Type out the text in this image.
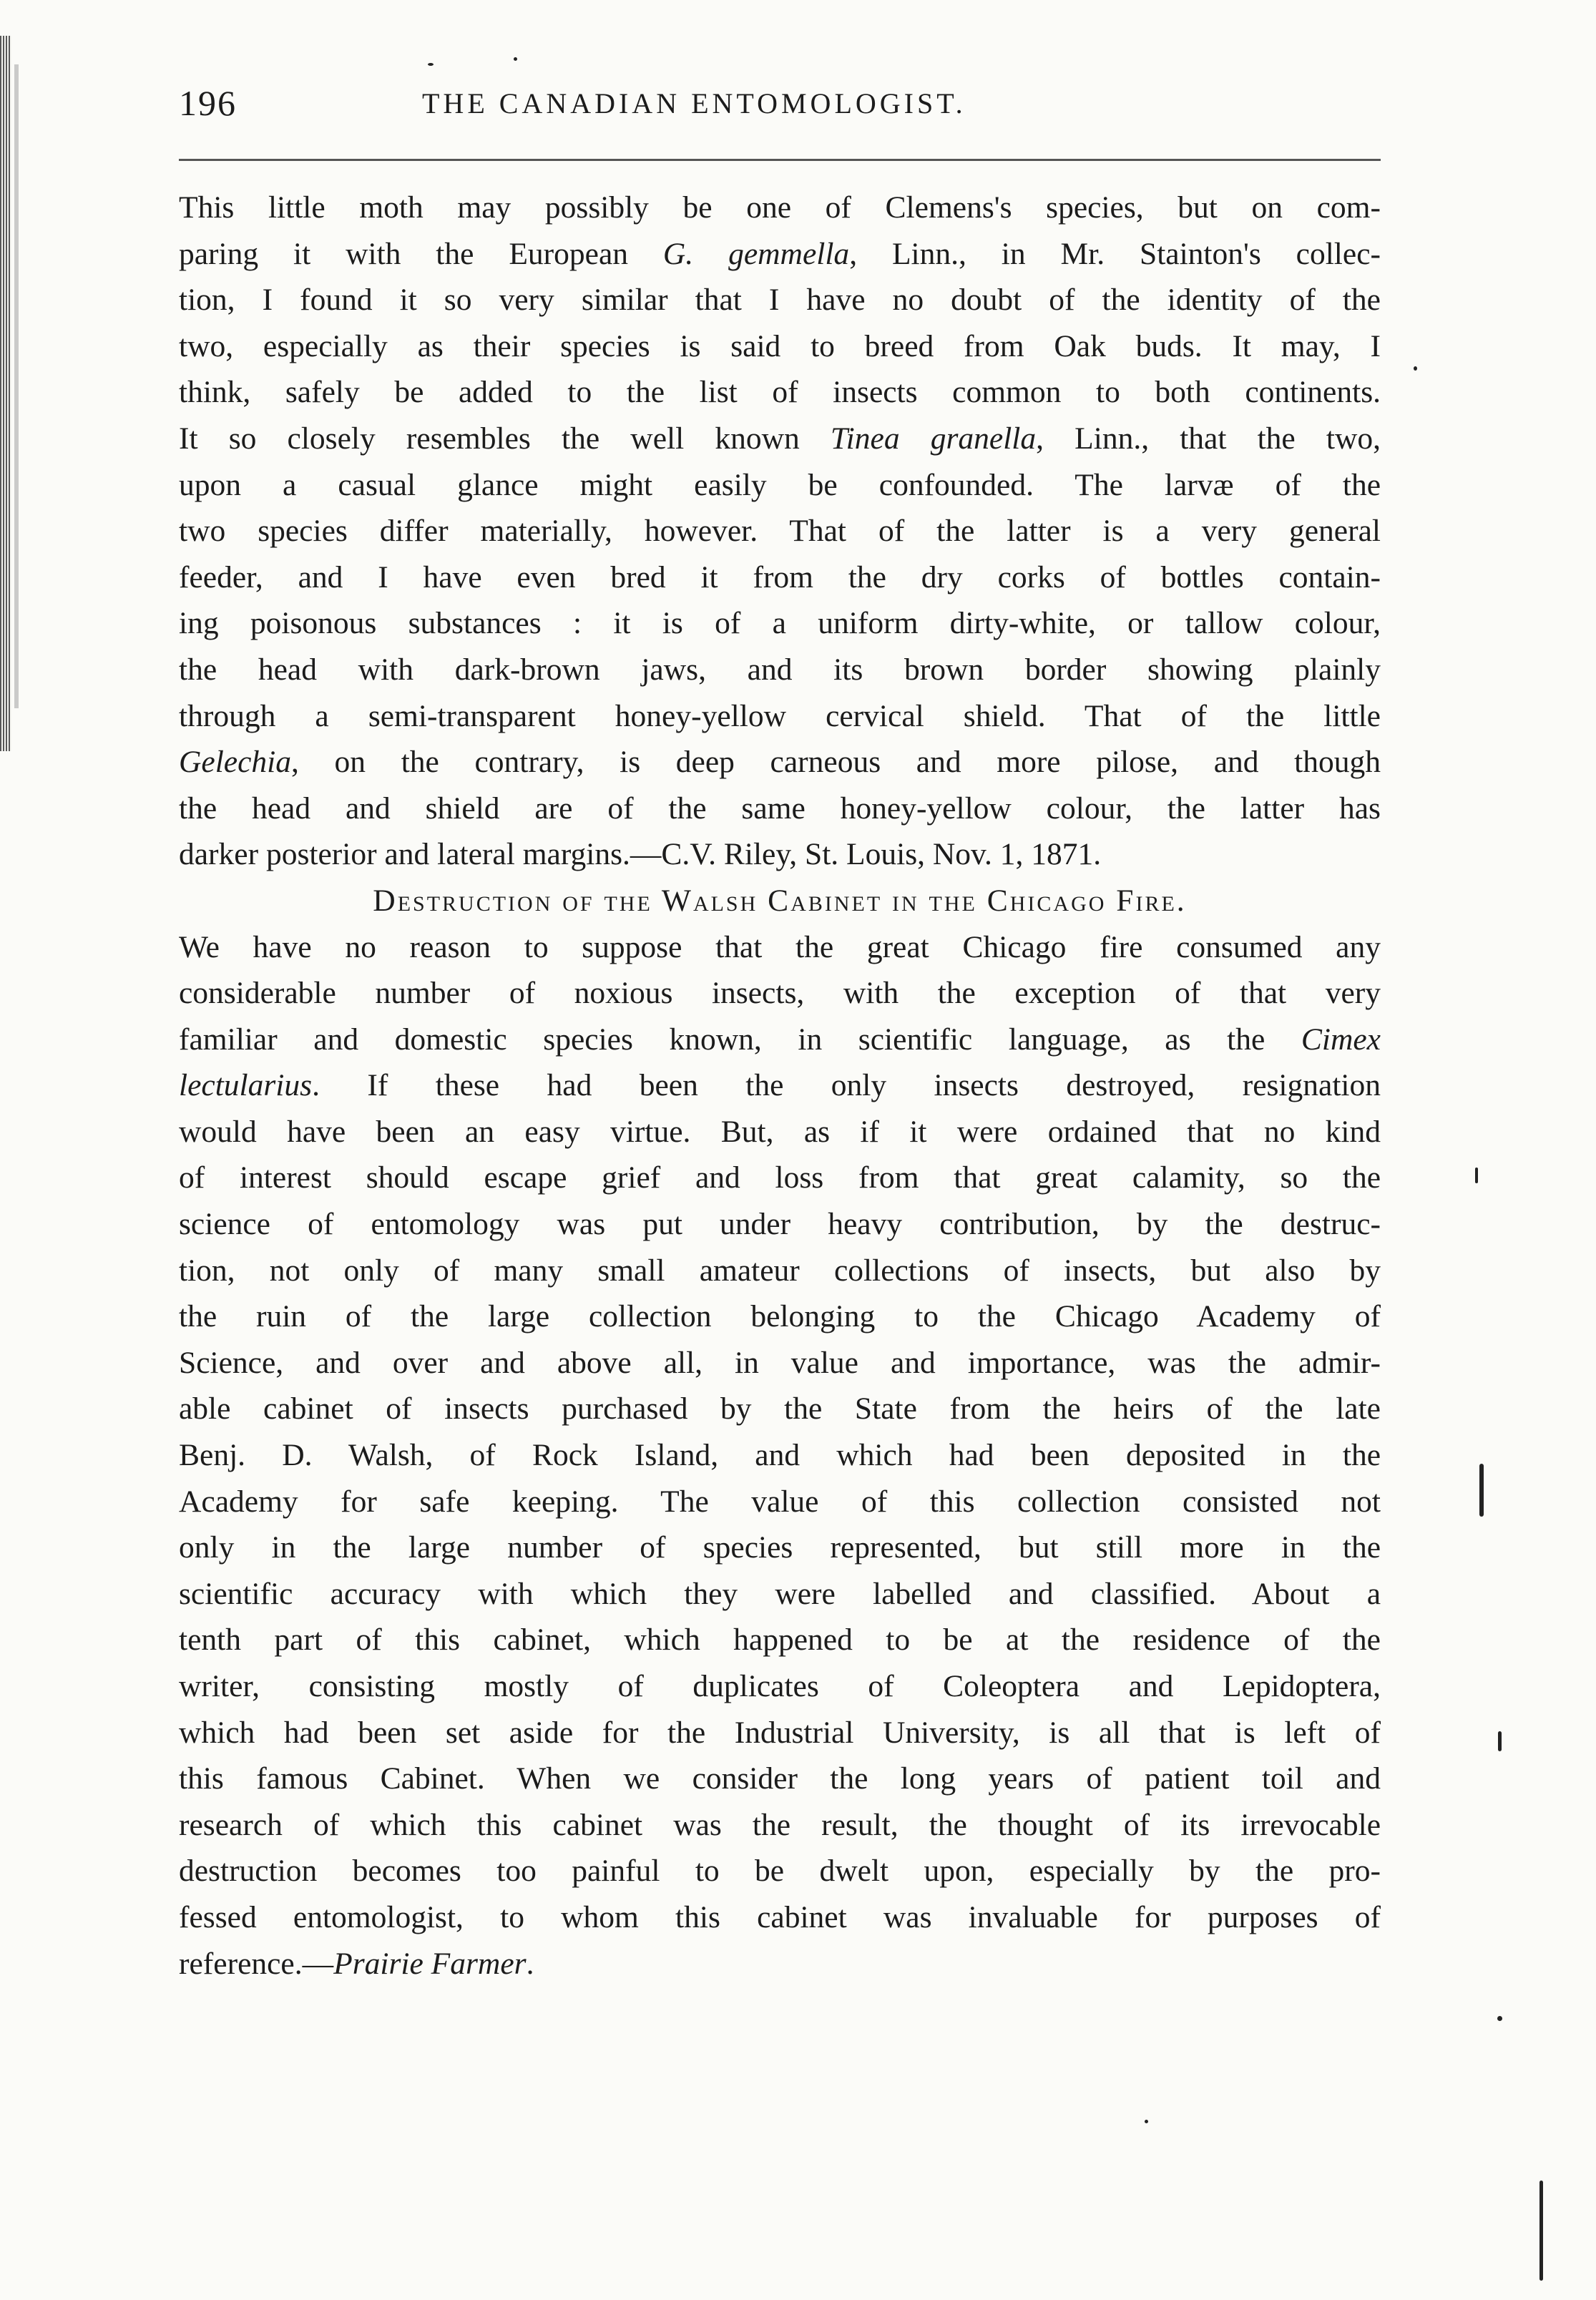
196	THE CANADIAN ENTOMOLOGIST.
This little moth may possibly be one of Clemens's species, but on com-
paring it with the European G. gemmella, Linn., in Mr. Stainton's collec-
tion, I found it so very similar that I have no doubt of the identity of the
two, especially as their species is said to breed from Oak buds. It may, I
think, safely be added to the list of insects common to both continents.
It so closely resembles the well known Tinea granella, Linn., that the two,
upon a casual glance might easily be confounded. The larvæ of the
two species differ materially, however. That of the latter is a very general
feeder, and I have even bred it from the dry corks of bottles contain-
ing poisonous substances : it is of a uniform dirty-white, or tallow colour,
the head with dark-brown jaws, and its brown border showing plainly
through a semi-transparent honey-yellow cervical shield. That of the little
Gelechia, on the contrary, is deep carneous and more pilose, and though
the head and shield are of the same honey-yellow colour, the latter has
darker posterior and lateral margins.—C.V. Riley, St. Louis, Nov. 1, 1871.
Destruction of the Walsh Cabinet in the Chicago Fire.
We have no reason to suppose that the great Chicago fire consumed any
considerable number of noxious insects, with the exception of that very
familiar and domestic species known, in scientific language, as the Cimex
lectularius. If these had been the only insects destroyed, resignation
would have been an easy virtue. But, as if it were ordained that no kind
of interest should escape grief and loss from that great calamity, so the
science of entomology was put under heavy contribution, by the destruc-
tion, not only of many small amateur collections of insects, but also by
the ruin of the large collection belonging to the Chicago Academy of
Science, and over and above all, in value and importance, was the admir-
able cabinet of insects purchased by the State from the heirs of the late
Benj. D. Walsh, of Rock Island, and which had been deposited in the
Academy for safe keeping. The value of this collection consisted not
only in the large number of species represented, but still more in the
scientific accuracy with which they were labelled and classified. About a
tenth part of this cabinet, which happened to be at the residence of the
writer, consisting mostly of duplicates of Coleoptera and Lepidoptera,
which had been set aside for the Industrial University, is all that is left of
this famous Cabinet. When we consider the long years of patient toil and
research of which this cabinet was the result, the thought of its irrevocable
destruction becomes too painful to be dwelt upon, especially by the pro-
fessed entomologist, to whom this cabinet was invaluable for purposes of
reference.—Prairie Farmer.
